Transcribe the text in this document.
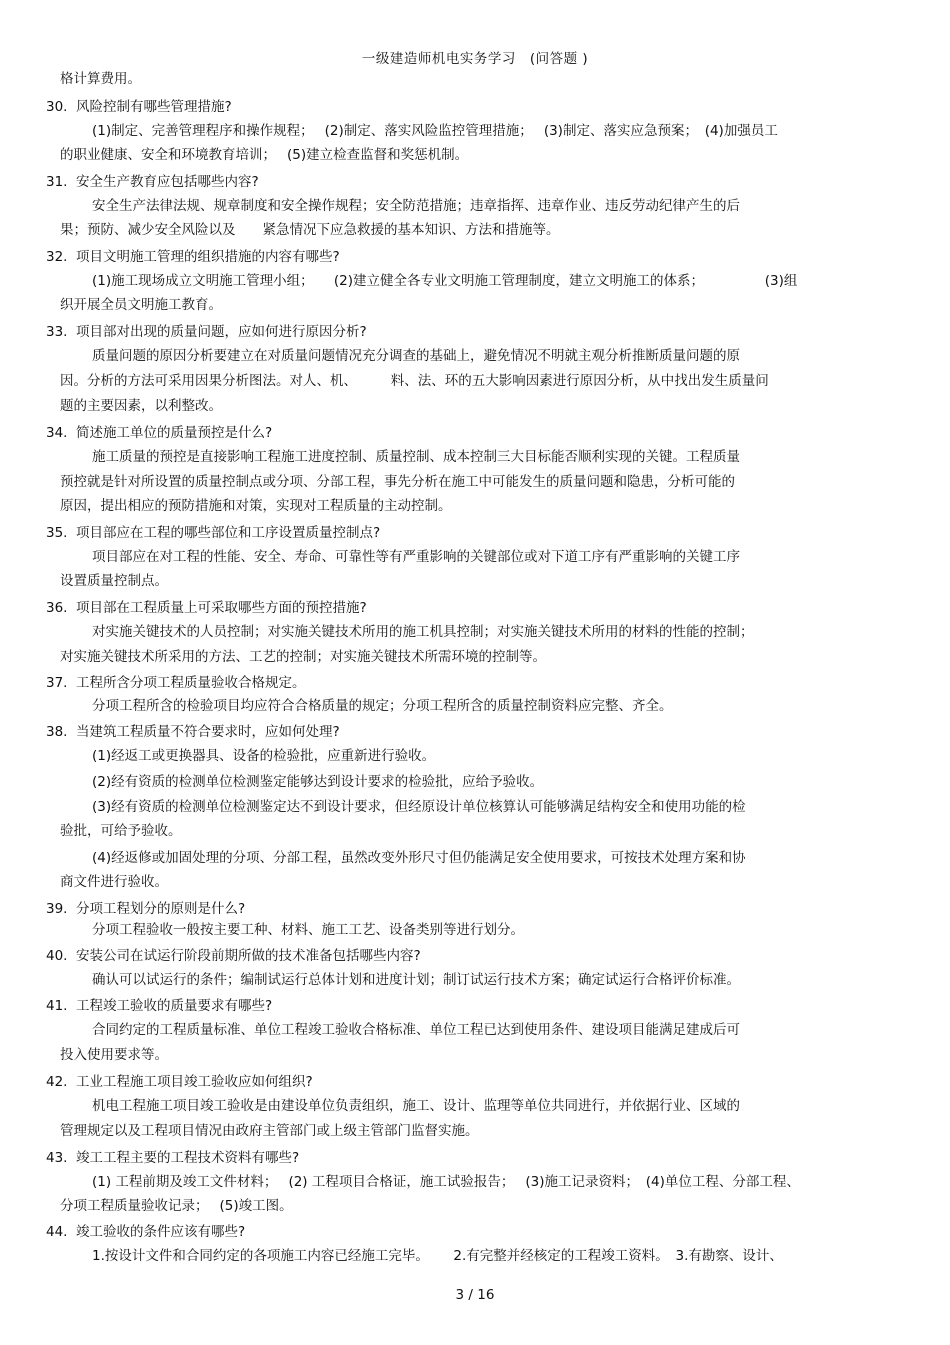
一级建造师机电实务学习　(问答题 )
格计算费用。
30. 风险控制有哪些管理措施?
(1)制定、完善管理程序和操作规程；　 (2)制定、落实风险监控管理措施；　 (3)制定、落实应急预案；　(4)加强员工
的职业健康、安全和环境教育培训；　 (5)建立检查监督和奖惩机制。
31. 安全生产教育应包括哪些内容?
安全生产法律法规、规章制度和安全操作规程；安全防范措施；违章指挥、违章作业、违反劳动纪律产生的后
果；预防、减少安全风险以及　　紧急情况下应急救援的基本知识、方法和措施等。
32. 项目文明施工管理的组织措施的内容有哪些?
(1)施工现场成立文明施工管理小组；　　(2)建立健全各专业文明施工管理制度，建立文明施工的体系；　　　　　(3)组
织开展全员文明施工教育。
33. 项目部对出现的质量问题，应如何进行原因分析?
质量问题的原因分析要建立在对质量问题情况充分调查的基础上，避免情况不明就主观分析推断质量问题的原
因。分析的方法可采用因果分析图法。对人、机、　　　料、法、环的五大影响因素进行原因分析，从中找出发生质量问
题的主要因素，以利整改。
34. 简述施工单位的质量预控是什么?
施工质量的预控是直接影响工程施工进度控制、质量控制、成本控制三大目标能否顺利实现的关键。工程质量
预控就是针对所设置的质量控制点或分项、分部工程，事先分析在施工中可能发生的质量问题和隐患，分析可能的
原因，提出相应的预防措施和对策，实现对工程质量的主动控制。
35. 项目部应在工程的哪些部位和工序设置质量控制点?
项目部应在对工程的性能、安全、寿命、可靠性等有严重影响的关键部位或对下道工序有严重影响的关键工序
设置质量控制点。
36. 项目部在工程质量上可采取哪些方面的预控措施?
对实施关键技术的人员控制；对实施关键技术所用的施工机具控制；对实施关键技术所用的材料的性能的控制；
对实施关键技术所采用的方法、工艺的控制；对实施关键技术所需环境的控制等。
37. 工程所含分项工程质量验收合格规定。
分项工程所含的检验项目均应符合合格质量的规定；分项工程所含的质量控制资料应完整、齐全。
38. 当建筑工程质量不符合要求时，应如何处理?
(1)经返工或更换器具、设备的检验批，应重新进行验收。
(2)经有资质的检测单位检测鉴定能够达到设计要求的检验批，应给予验收。
(3)经有资质的检测单位检测鉴定达不到设计要求，但经原设计单位核算认可能够满足结构安全和使用功能的检
验批，可给予验收。
(4)经返修或加固处理的分项、分部工程，虽然改变外形尺寸但仍能满足安全使用要求，可按技术处理方案和协
商文件进行验收。
39. 分项工程划分的原则是什么?
分项工程验收一般按主要工种、材料、施工工艺、设备类别等进行划分。
40. 安装公司在试运行阶段前期所做的技术准备包括哪些内容?
确认可以试运行的条件；编制试运行总体计划和进度计划；制订试运行技术方案；确定试运行合格评价标准。
41. 工程竣工验收的质量要求有哪些?
合同约定的工程质量标准、单位工程竣工验收合格标准、单位工程已达到使用条件、建设项目能满足建成后可
投入使用要求等。
42. 工业工程施工项目竣工验收应如何组织?
机电工程施工项目竣工验收是由建设单位负责组织，施工、设计、监理等单位共同进行，并依据行业、区域的
管理规定以及工程项目情况由政府主管部门或上级主管部门监督实施。
43. 竣工工程主要的工程技术资料有哪些?
(1) 工程前期及竣工文件材料；　 (2) 工程项目合格证，施工试验报告；　 (3)施工记录资料；　(4)单位工程、分部工程、
分项工程质量验收记录；　 (5)竣工图。
44. 竣工验收的条件应该有哪些?
1.按设计文件和合同约定的各项施工内容已经施工完毕。　　 2.有完整并经核定的工程竣工资料。　3.有勘察、设计、
3 / 16
